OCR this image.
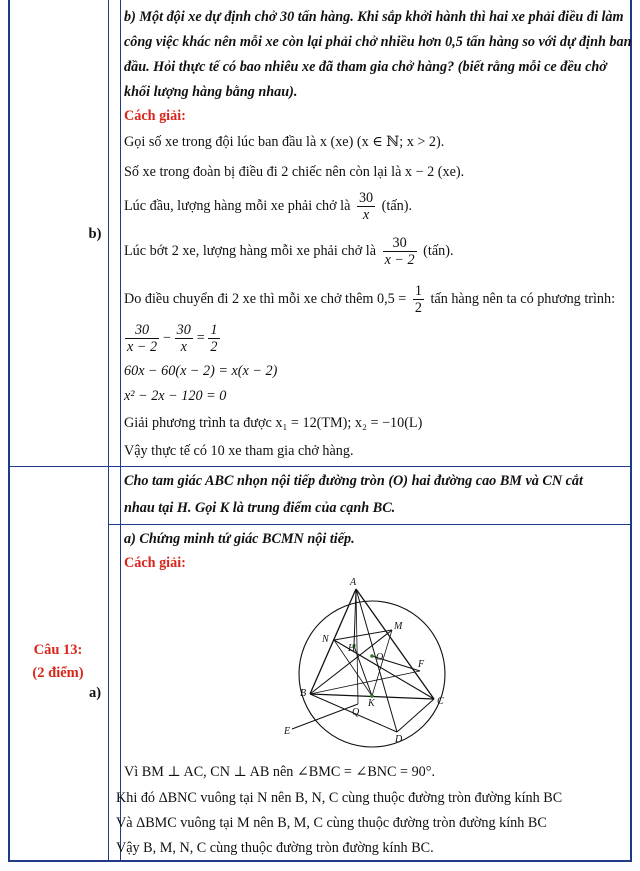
b)
b) Một đội xe dự định chở 30 tấn hàng. Khi sắp khởi hành thì hai xe phải điều đi làm
công việc khác nên mỗi xe còn lại phải chở nhiều hơn 0,5 tấn hàng so với dự định ban
đầu. Hỏi thực tế có bao nhiêu xe đã tham gia chở hàng? (biết rằng mỗi ce đều chở
khối lượng hàng bằng nhau).
Cách giải:
Gọi số xe trong đội lúc ban đầu là x (xe) (x ∈ ℕ; x > 2).
Số xe trong đoàn bị điều đi 2 chiếc nên còn lại là x − 2 (xe).
Lúc đầu, lượng hàng mỗi xe phải chở là $\frac{30}{x}$ (tấn).
Lúc bớt 2 xe, lượng hàng mỗi xe phải chở là $\frac{30}{x - 2}$ (tấn).
Do điều chuyển đi 2 xe thì mỗi xe chở thêm $0,5 = \frac{1}{2}$ tấn hàng nên ta có phương trình:
$\frac{30}{x - 2} - \frac{30}{x} = \frac{1}{2}$
60x − 60(x − 2) = x(x − 2)
x² − 2x − 120 = 0
Giải phương trình ta được x₁ = 12(TM); x₂ = −10(L)
Vậy thực tế có 10 xe tham gia chở hàng.
Câu 13:
(2 điểm)
Cho tam giác ABC nhọn nội tiếp đường tròn (O) hai đường cao BM và CN cắt
nhau tại H. Gọi K là trung điểm của cạnh BC.
a)
a) Chứng minh tứ giác BCMN nội tiếp.
Cách giải:
A
M
N
H
O
F
B
K	C
Q
D
E
Vì BM ⊥ AC, CN ⊥ AB nên ∠BMC = ∠BNC = 90°.
Khi đó ΔBNC vuông tại N nên B, N, C cùng thuộc đường tròn đường kính BC
Và ΔBMC vuông tại M nên B, M, C cùng thuộc đường tròn đường kính BC
Vậy B, M, N, C cùng thuộc đường tròn đường kính BC.
